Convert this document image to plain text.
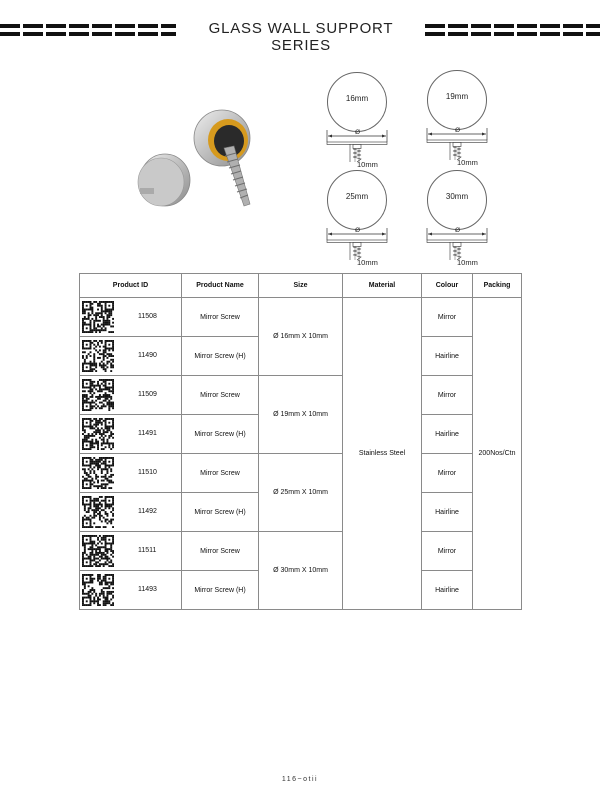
GLASS WALL SUPPORT SERIES
16mm
Ø
10mm
19mm
Ø
10mm
25mm
Ø
10mm
30mm
Ø
10mm
Product ID	Product Name	Size	Material	Colour	Packing

11508	Mirror Screw	Ø 16mm X 10mm	Stainless Steel	Mirror	200Nos/Ctn

11490	Mirror Screw (H)			Hairline	

11509	Mirror Screw	Ø 19mm X 10mm		Mirror	

11491	Mirror Screw (H)			Hairline	

11510	Mirror Screw	Ø 25mm X 10mm		Mirror	

11492	Mirror Screw (H)			Hairline	

11511	Mirror Screw	Ø 30mm X 10mm		Mirror	

11493	Mirror Screw (H)			Hairline	
116~otii
